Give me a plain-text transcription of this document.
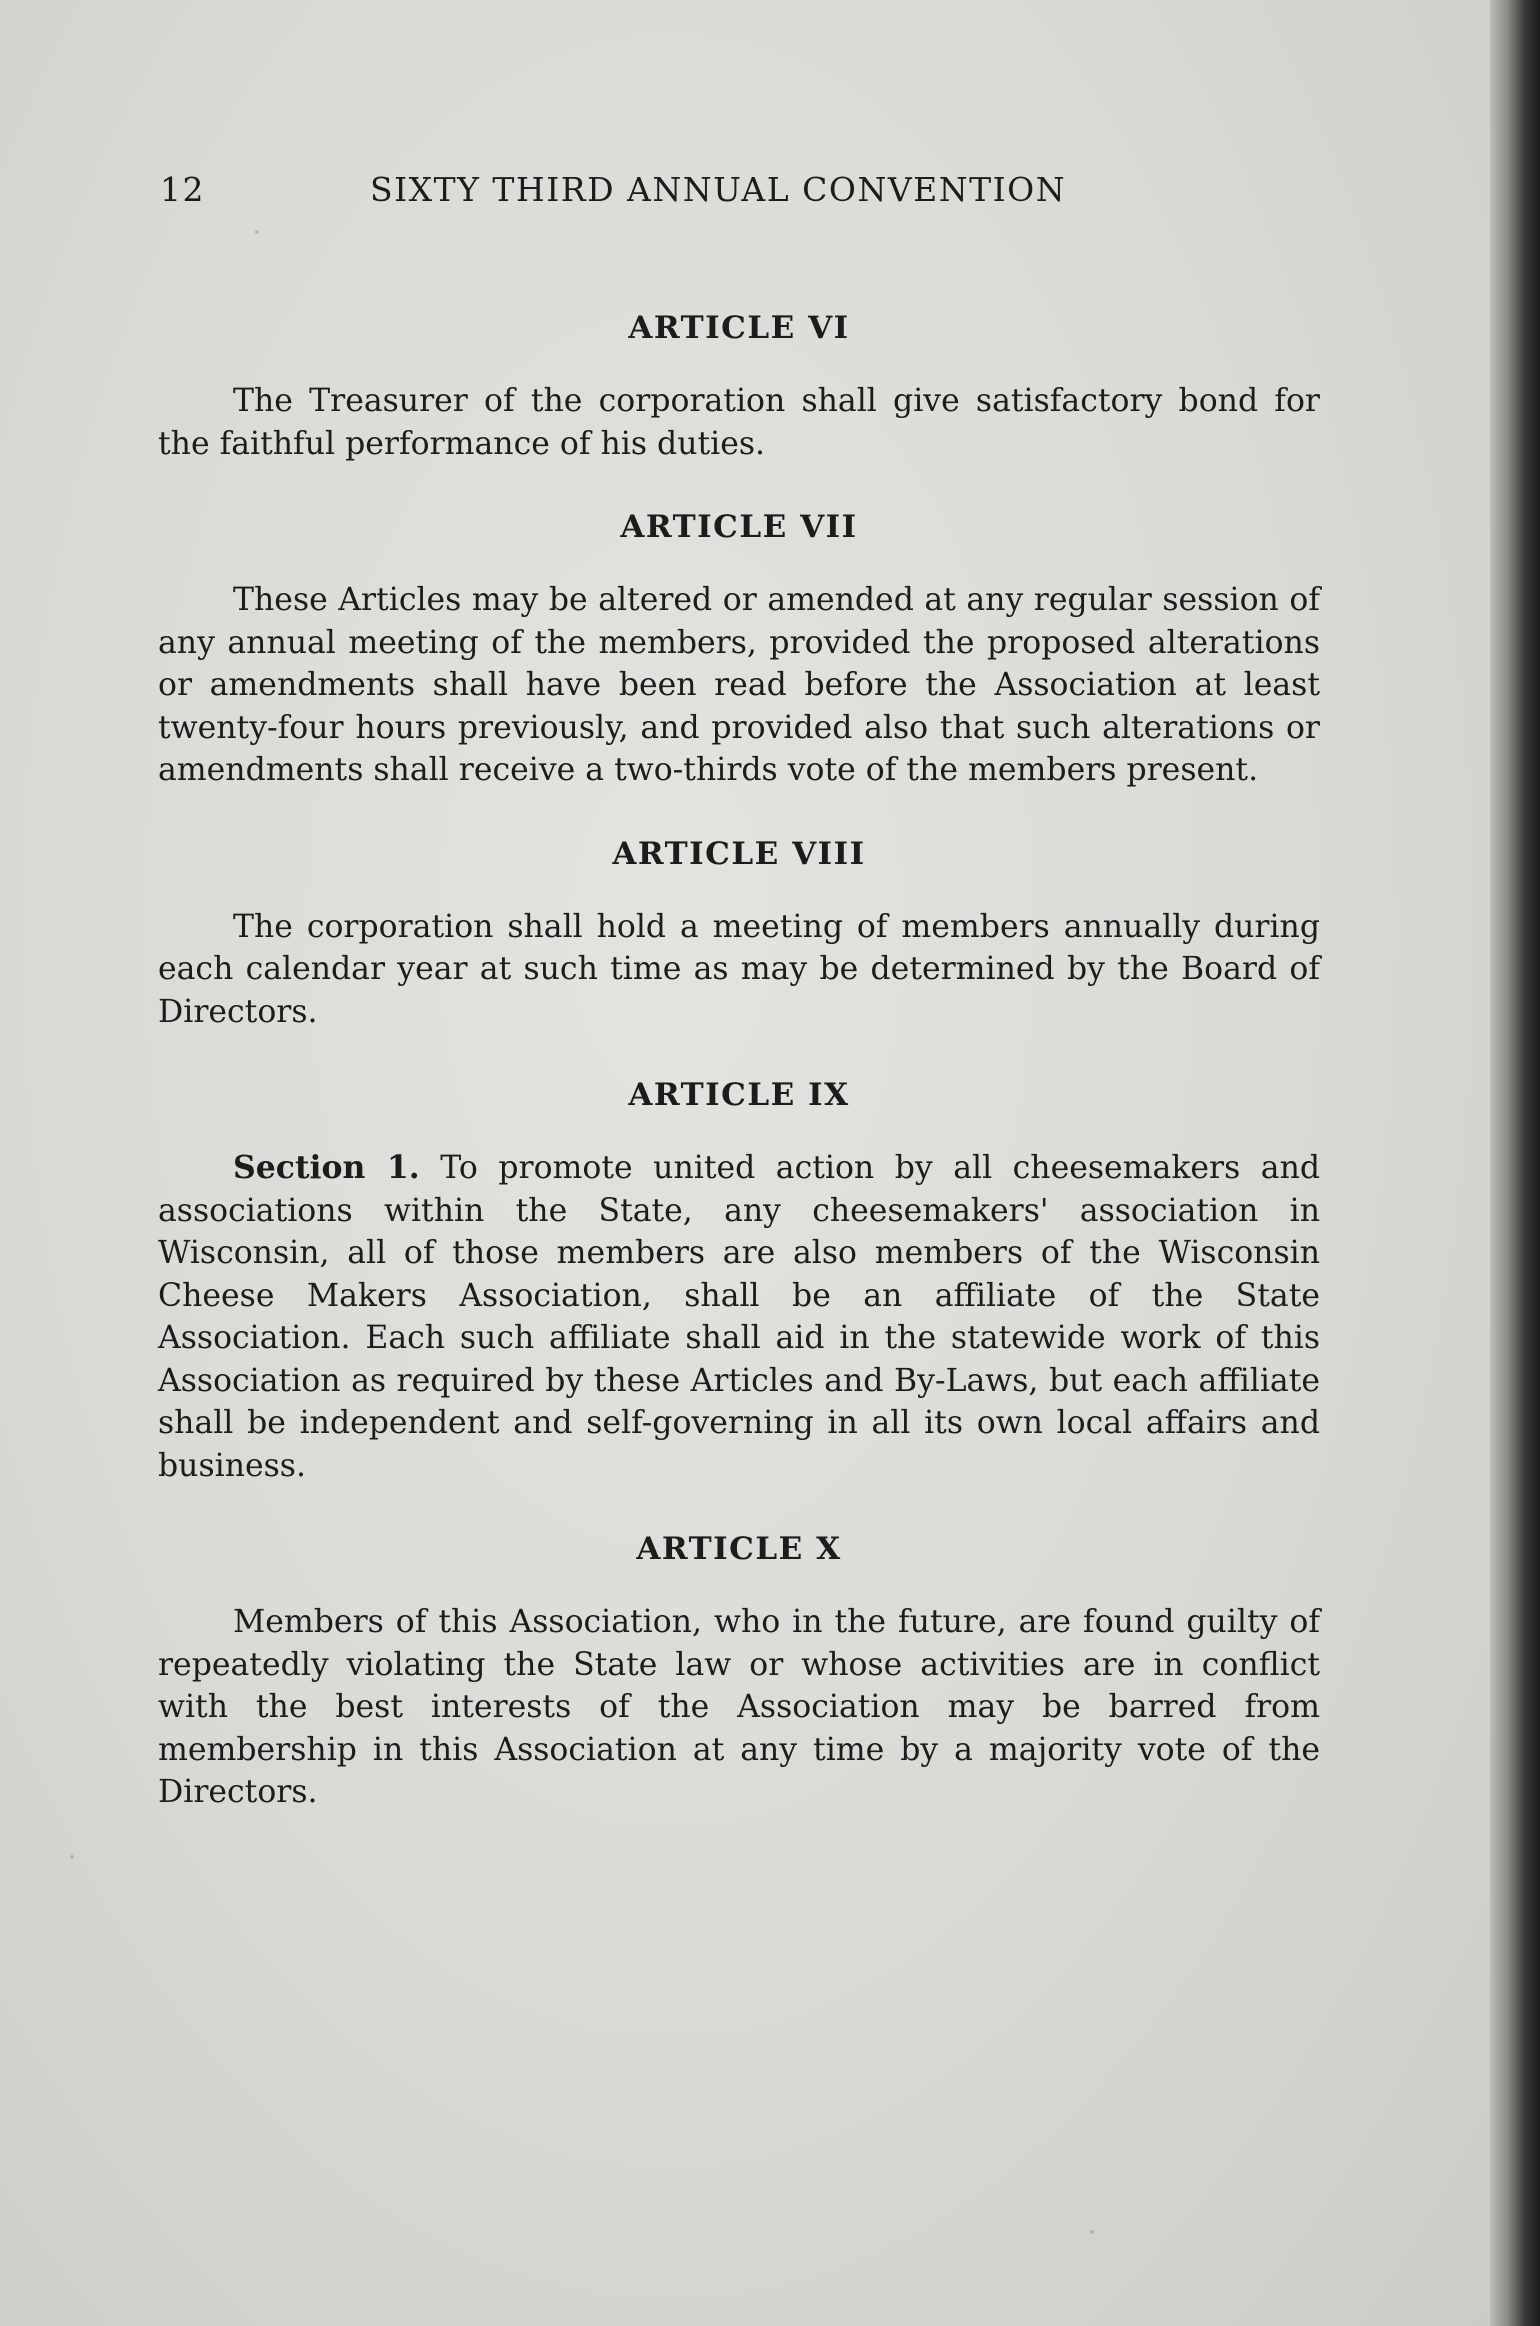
12	SIXTY THIRD ANNUAL CONVENTION
ARTICLE VI

The Treasurer of the corporation shall give satisfactory bond for the faithful performance of his duties.

ARTICLE VII

These Articles may be altered or amended at any regular session of any annual meeting of the members, provided the proposed alterations or amendments shall have been read before the Association at least twenty-four hours previously, and provided also that such alterations or amendments shall receive a two-thirds vote of the members present.

ARTICLE VIII

The corporation shall hold a meeting of members annually during each calendar year at such time as may be determined by the Board of Directors.

ARTICLE IX

Section 1. To promote united action by all cheesemakers and associations within the State, any cheesemakers' association in Wisconsin, all of those members are also members of the Wisconsin Cheese Makers Association, shall be an affiliate of the State Association. Each such affiliate shall aid in the statewide work of this Association as required by these Articles and By-Laws, but each affiliate shall be independent and self-governing in all its own local affairs and business.

ARTICLE X

Members of this Association, who in the future, are found guilty of repeatedly violating the State law or whose activities are in conflict with the best interests of the Association may be barred from membership in this Association at any time by a majority vote of the Directors.
